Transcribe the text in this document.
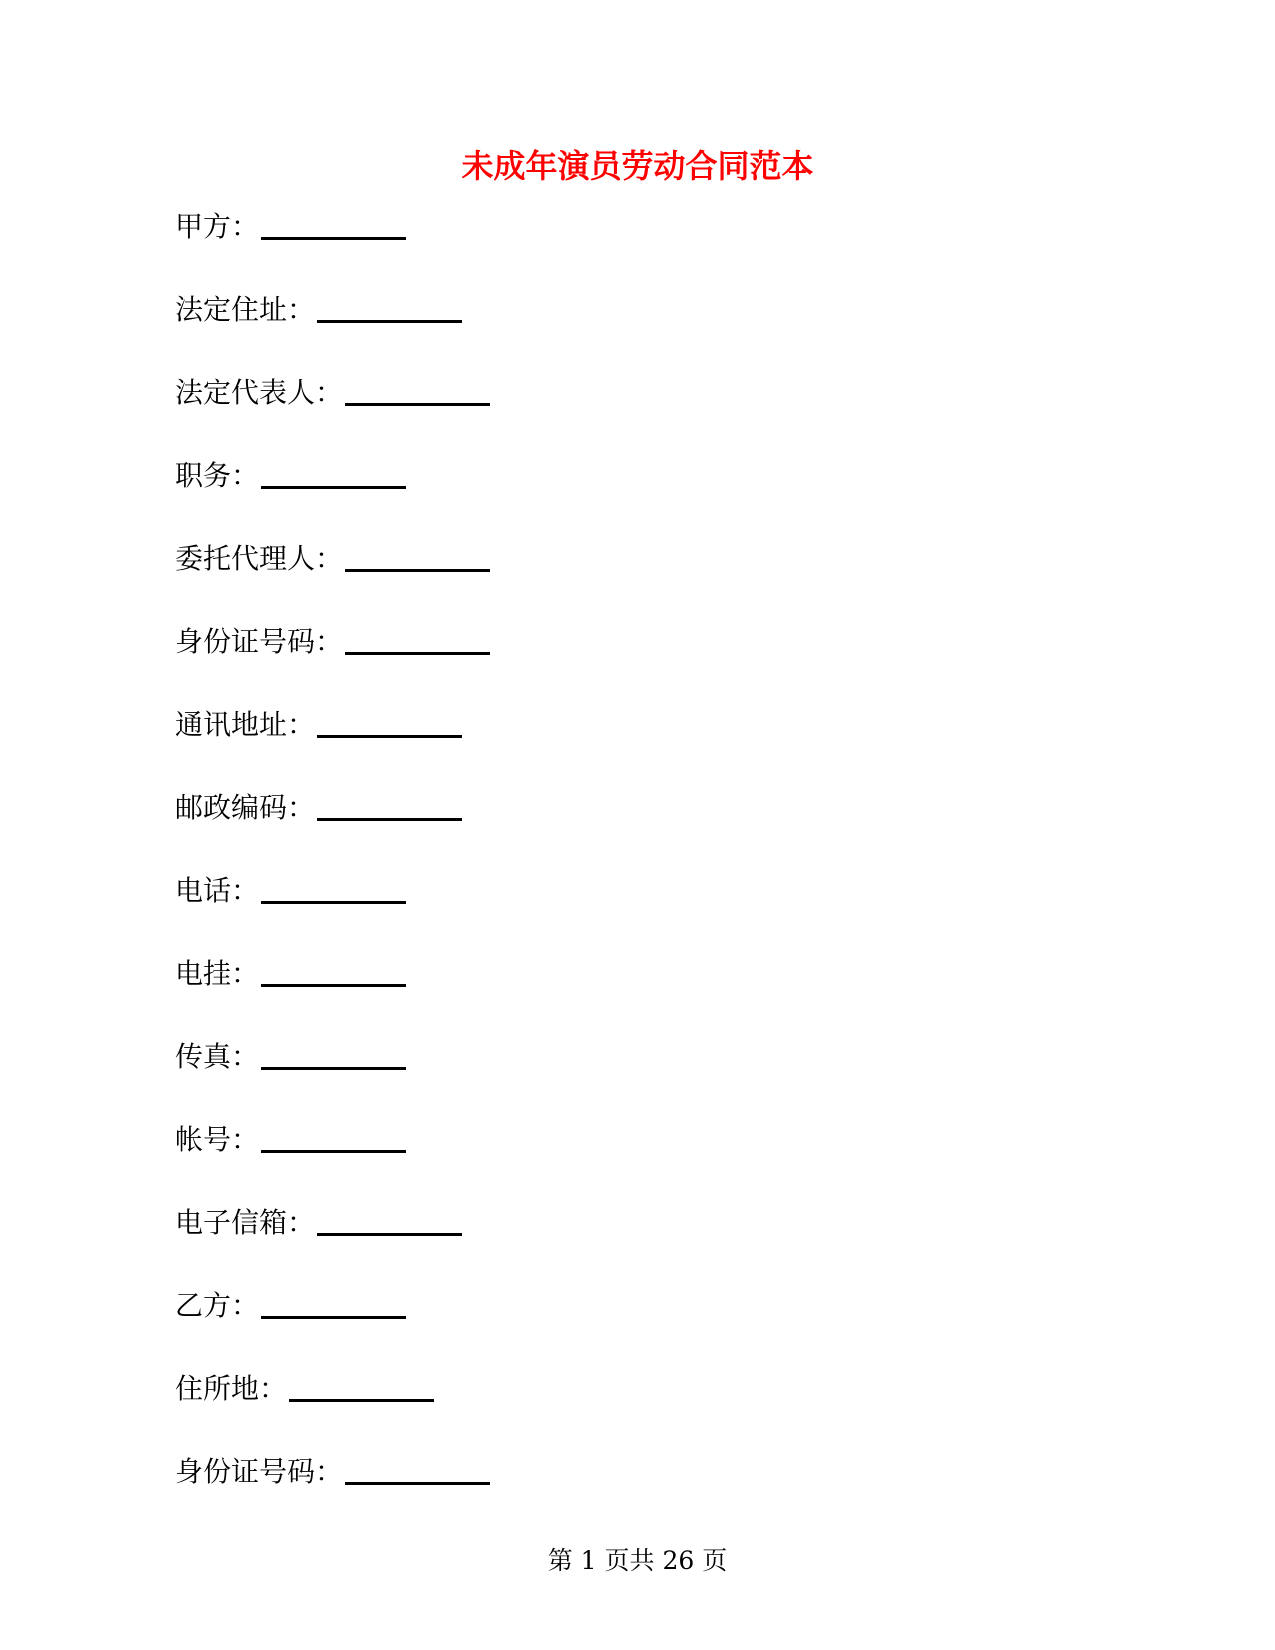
未成年演员劳动合同范本
甲方：
法定住址：
法定代表人：
职务：
委托代理人：
身份证号码：
通讯地址：
邮政编码：
电话：
电挂：
传真：
帐号：
电子信箱：
乙方：
住所地：
身份证号码：
第 1 页共 26 页
